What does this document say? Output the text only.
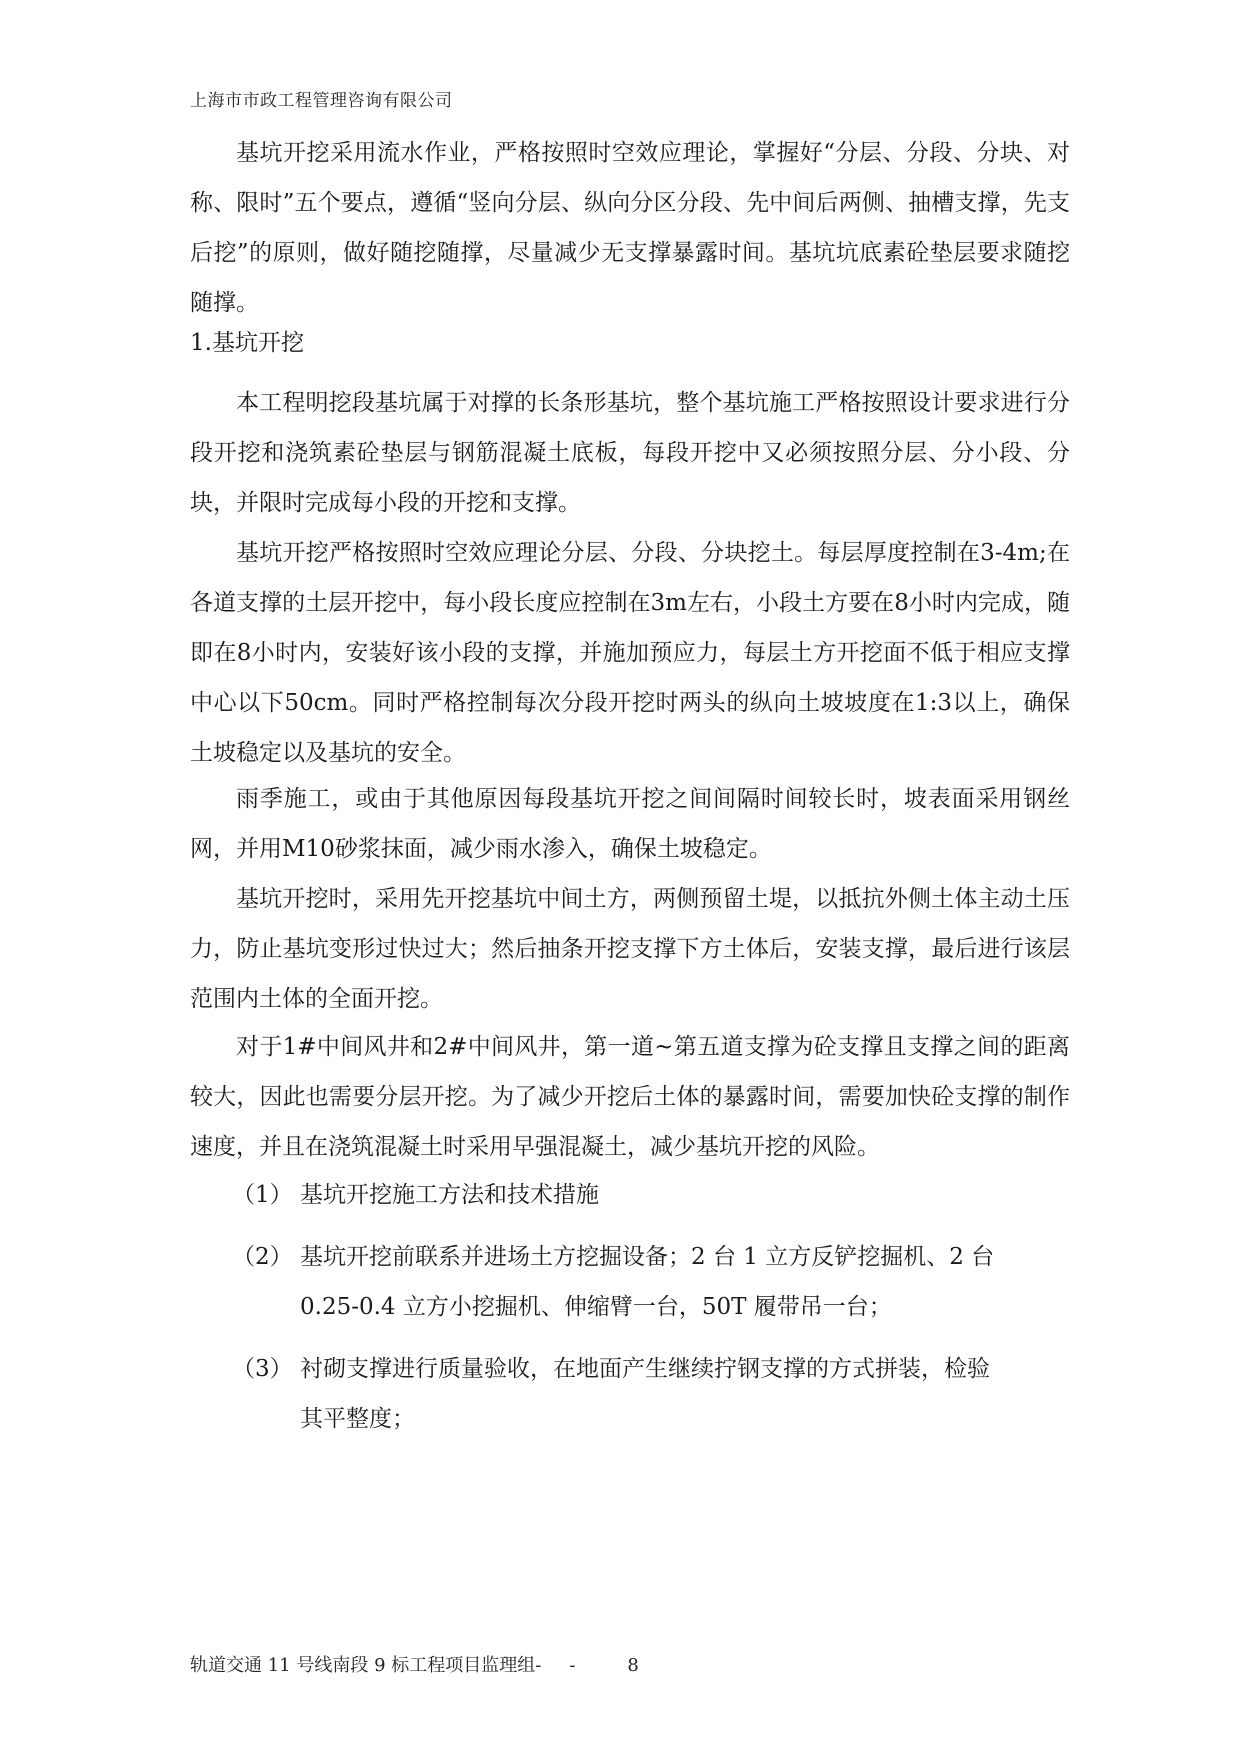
上海市市政工程管理咨询有限公司

基坑开挖采用流水作业，严格按照时空效应理论，掌握好“分层、分段、分块、对称、限时”五个要点，遵循“竖向分层、纵向分区分段、先中间后两侧、抽槽支撑，先支后挖”的原则，做好随挖随撑，尽量减少无支撑暴露时间。基坑坑底素砼垫层要求随挖随撑。

1.基坑开挖

本工程明挖段基坑属于对撑的长条形基坑，整个基坑施工严格按照设计要求进行分段开挖和浇筑素砼垫层与钢筋混凝土底板，每段开挖中又必须按照分层、分小段、分块，并限时完成每小段的开挖和支撑。

基坑开挖严格按照时空效应理论分层、分段、分块挖土。每层厚度控制在3-4m;在各道支撑的土层开挖中，每小段长度应控制在3m左右，小段土方要在8小时内完成，随即在8小时内，安装好该小段的支撑，并施加预应力，每层土方开挖面不低于相应支撑中心以下50cm。同时严格控制每次分段开挖时两头的纵向土坡坡度在1:3以上，确保土坡稳定以及基坑的安全。

雨季施工，或由于其他原因每段基坑开挖之间间隔时间较长时，坡表面采用钢丝网，并用M10砂浆抹面，减少雨水渗入，确保土坡稳定。

基坑开挖时，采用先开挖基坑中间土方，两侧预留土堤，以抵抗外侧土体主动土压力，防止基坑变形过快过大；然后抽条开挖支撑下方土体后，安装支撑，最后进行该层范围内土体的全面开挖。

对于1#中间风井和2#中间风井，第一道~第五道支撑为砼支撑且支撑之间的距离较大，因此也需要分层开挖。为了减少开挖后土体的暴露时间，需要加快砼支撑的制作速度，并且在浇筑混凝土时采用早强混凝土，减少基坑开挖的风险。

（1） 基坑开挖施工方法和技术措施
（2） 基坑开挖前联系并进场土方挖掘设备；2 台 1 立方反铲挖掘机、2 台
0.25-0.4 立方小挖掘机、伸缩臂一台，50T 履带吊一台；
（3） 衬砌支撑进行质量验收，在地面产生继续拧钢支撑的方式拼装，检验
其平整度；
轨道交通 11 号线南段 9 标工程项目监理组- -	8
